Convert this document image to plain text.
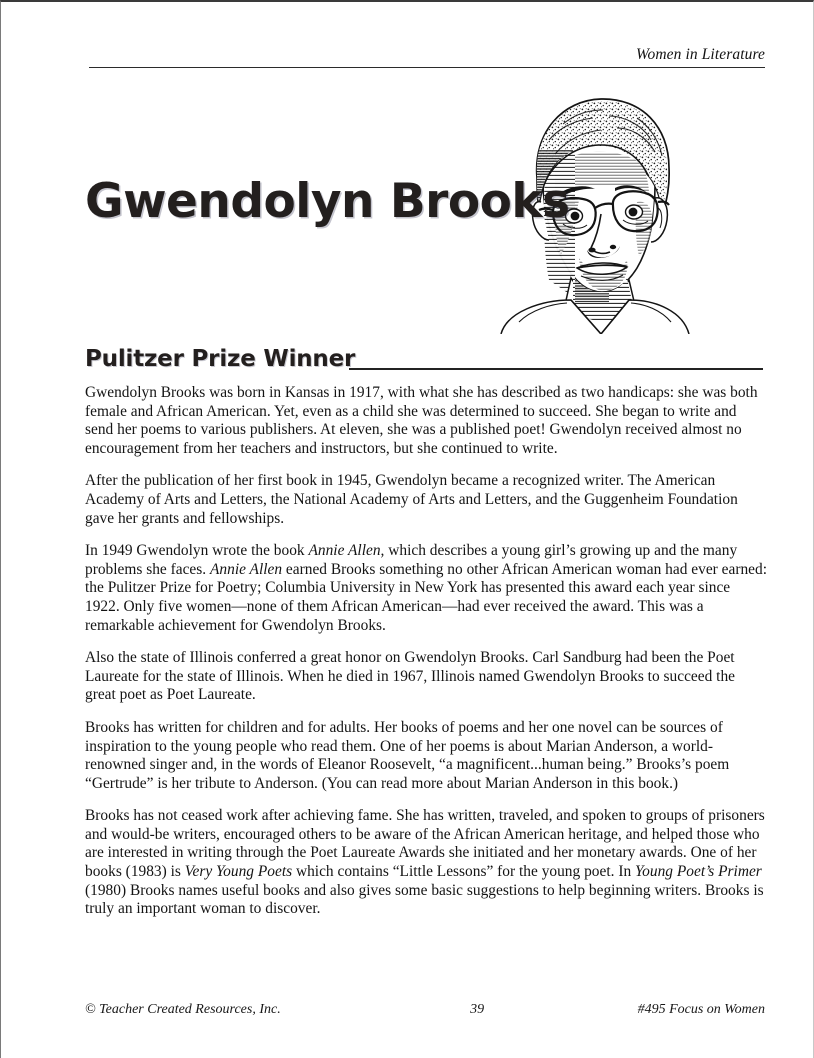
Women in Literature
Gwendolyn Brooks
Pulitzer Prize Winner

Gwendolyn Brooks was born in Kansas in 1917, with what she has described as two handicaps: she was both female and African American. Yet, even as a child she was determined to succeed. She began to write and send her poems to various publishers. At eleven, she was a published poet! Gwendolyn received almost no encouragement from her teachers and instructors, but she continued to write.

After the publication of her first book in 1945, Gwendolyn became a recognized writer. The American Academy of Arts and Letters, the National Academy of Arts and Letters, and the Guggenheim Foundation gave her grants and fellowships.

In 1949 Gwendolyn wrote the book Annie Allen, which describes a young girl’s growing up and the many problems she faces. Annie Allen earned Brooks something no other African American woman had ever earned: the Pulitzer Prize for Poetry; Columbia University in New York has presented this award each year since 1922. Only five women—none of them African American—had ever received the award. This was a remarkable achievement for Gwendolyn Brooks.

Also the state of Illinois conferred a great honor on Gwendolyn Brooks. Carl Sandburg had been the Poet Laureate for the state of Illinois. When he died in 1967, Illinois named Gwendolyn Brooks to succeed the great poet as Poet Laureate.

Brooks has written for children and for adults. Her books of poems and her one novel can be sources of inspiration to the young people who read them. One of her poems is about Marian Anderson, a world-renowned singer and, in the words of Eleanor Roosevelt, “a magnificent...human being.” Brooks’s poem “Gertrude” is her tribute to Anderson. (You can read more about Marian Anderson in this book.)

Brooks has not ceased work after achieving fame. She has written, traveled, and spoken to groups of prisoners and would-be writers, encouraged others to be aware of the African American heritage, and helped those who are interested in writing through the Poet Laureate Awards she initiated and her monetary awards. One of her books (1983) is Very Young Poets which contains “Little Lessons” for the young poet. In Young Poet’s Primer (1980) Brooks names useful books and also gives some basic suggestions to help beginning writers. Brooks is truly an important woman to discover.

© Teacher Created Resources, Inc.	39	#495 Focus on Women
